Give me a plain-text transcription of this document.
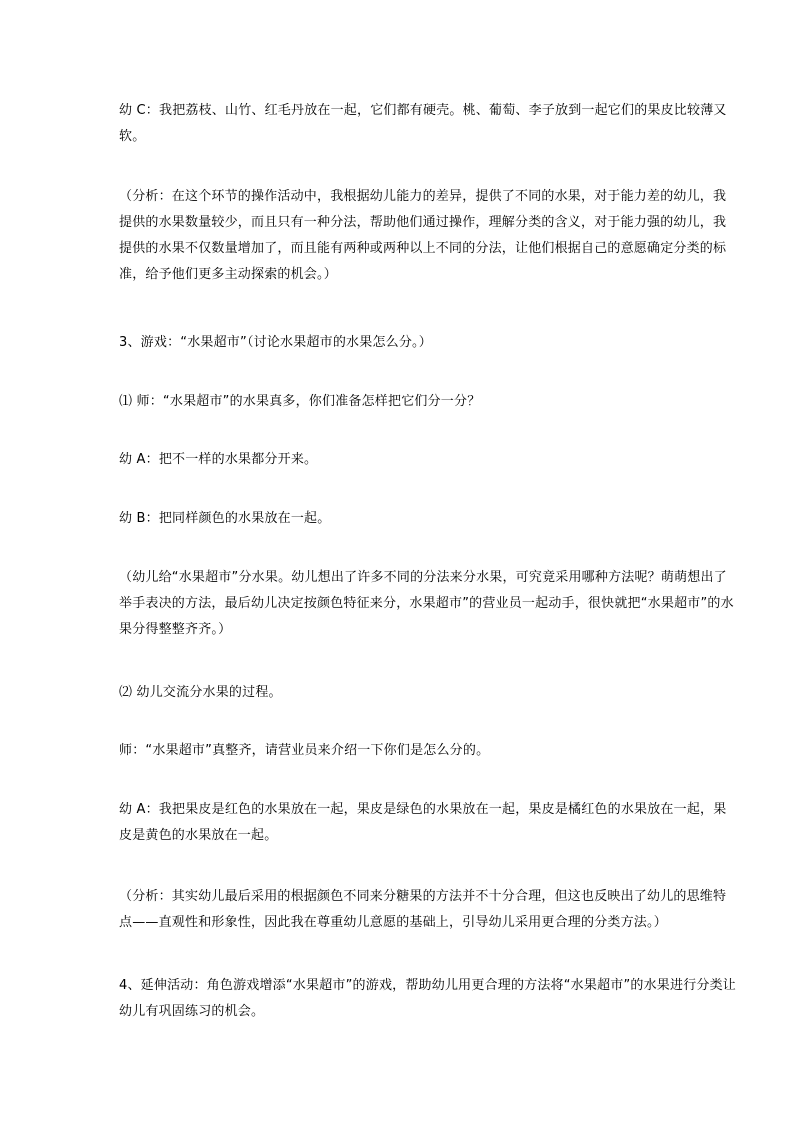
幼 C：我把荔枝、山竹、红毛丹放在一起，它们都有硬壳。桃、葡萄、李子放到一起它们的果皮比较薄又
软。

（分析：在这个环节的操作活动中，我根据幼儿能力的差异，提供了不同的水果，对于能力差的幼儿，我
提供的水果数量较少，而且只有一种分法，帮助他们通过操作，理解分类的含义，对于能力强的幼儿，我
提供的水果不仅数量增加了，而且能有两种或两种以上不同的分法，让他们根据自己的意愿确定分类的标
准，给予他们更多主动探索的机会。）

3、游戏：“水果超市”（讨论水果超市的水果怎么分。）

⑴ 师：“水果超市”的水果真多，你们准备怎样把它们分一分？

幼 A：把不一样的水果都分开来。

幼 B：把同样颜色的水果放在一起。

（幼儿给“水果超市”分水果。幼儿想出了许多不同的分法来分水果，可究竟采用哪种方法呢？萌萌想出了
举手表决的方法，最后幼儿决定按颜色特征来分，水果超市”的营业员一起动手，很快就把“水果超市”的水
果分得整整齐齐。）

⑵ 幼儿交流分水果的过程。

师：“水果超市”真整齐，请营业员来介绍一下你们是怎么分的。

幼 A：我把果皮是红色的水果放在一起，果皮是绿色的水果放在一起，果皮是橘红色的水果放在一起，果
皮是黄色的水果放在一起。

（分析：其实幼儿最后采用的根据颜色不同来分糖果的方法并不十分合理，但这也反映出了幼儿的思维特
点——直观性和形象性，因此我在尊重幼儿意愿的基础上，引导幼儿采用更合理的分类方法。）

4、延伸活动：角色游戏增添“水果超市”的游戏，帮助幼儿用更合理的方法将“水果超市”的水果进行分类让
幼儿有巩固练习的机会。
